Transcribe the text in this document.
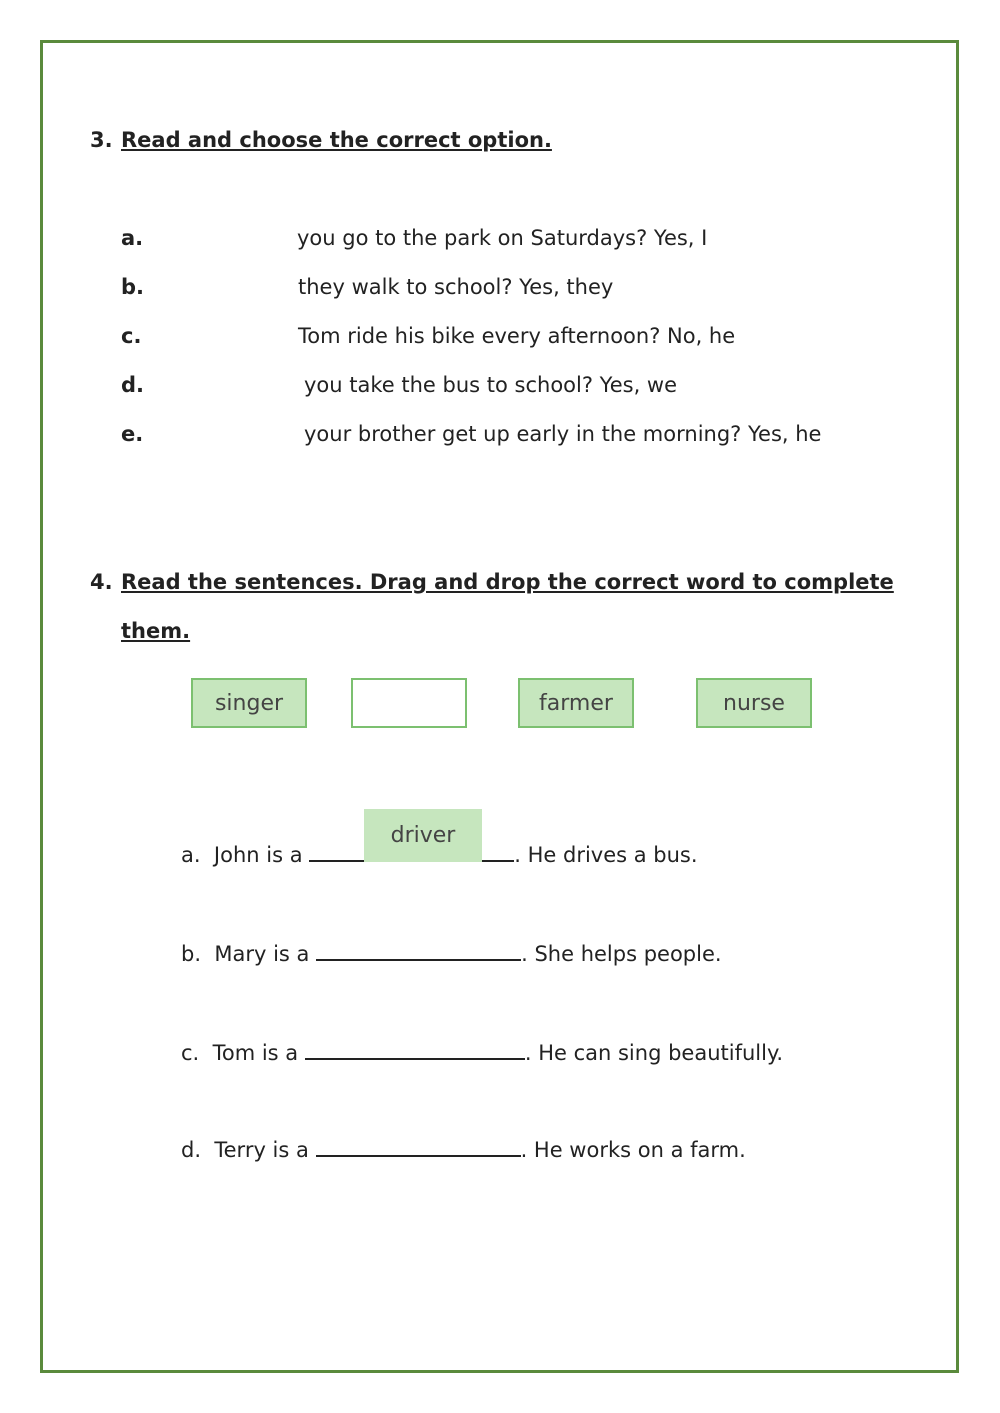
3. Read and choose the correct option.
a.	you go to the park on Saturdays? Yes, I
b.	they walk to school? Yes, they
c.	Tom ride his bike every afternoon? No, he
d.	you take the bus to school? Yes, we
e.	your brother get up early in the morning? Yes, he
4. Read the sentences. Drag and drop the correct word to complete
them.
singer	farmer	nurse
a. John is a	. He drives a bus.
driver
b. Mary is a	. She helps people.
c. Tom is a	. He can sing beautifully.
d. Terry is a	. He works on a farm.
